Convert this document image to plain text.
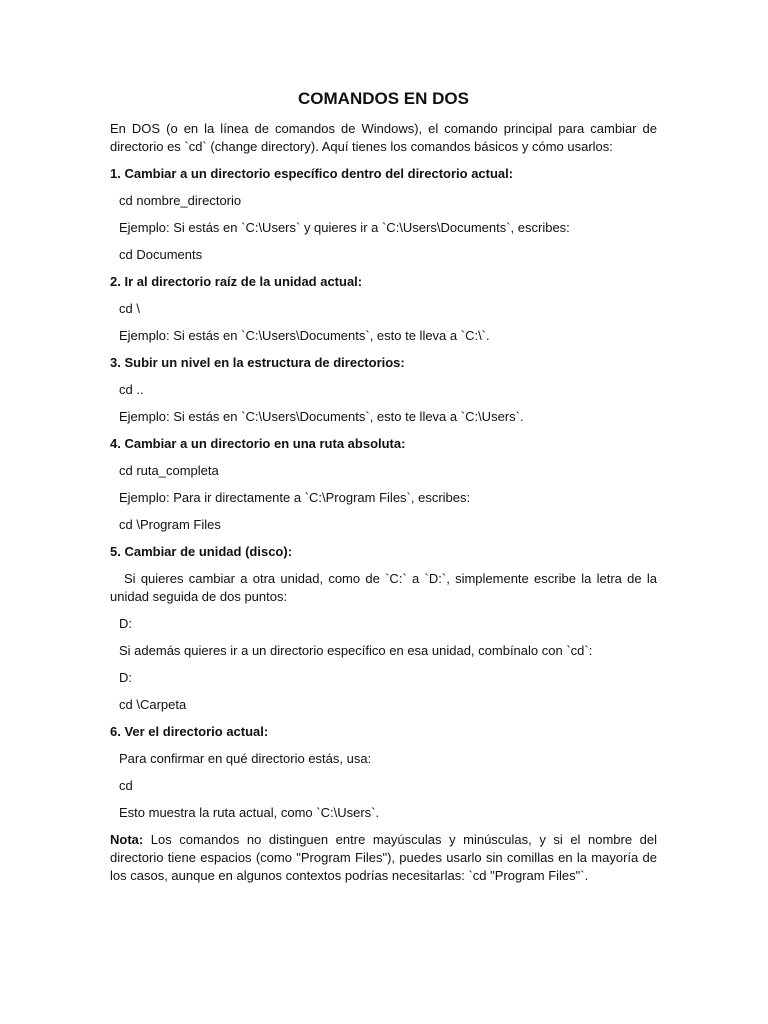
COMANDOS EN DOS
En DOS (o en la línea de comandos de Windows), el comando principal para cambiar de directorio es `cd` (change directory). Aquí tienes los comandos básicos y cómo usarlos:
1. Cambiar a un directorio específico dentro del directorio actual:
cd nombre_directorio
Ejemplo: Si estás en `C:\Users` y quieres ir a `C:\Users\Documents`, escribes:
cd Documents
2. Ir al directorio raíz de la unidad actual:
cd \
Ejemplo: Si estás en `C:\Users\Documents`, esto te lleva a `C:\`.
3. Subir un nivel en la estructura de directorios:
cd ..
Ejemplo: Si estás en `C:\Users\Documents`, esto te lleva a `C:\Users`.
4. Cambiar a un directorio en una ruta absoluta:
cd ruta_completa
Ejemplo: Para ir directamente a `C:\Program Files`, escribes:
cd \Program Files
5. Cambiar de unidad (disco):
Si quieres cambiar a otra unidad, como de `C:` a `D:`, simplemente escribe la letra de la unidad seguida de dos puntos:
D:
Si además quieres ir a un directorio específico en esa unidad, combínalo con `cd`:
D:
cd \Carpeta
6. Ver el directorio actual:
Para confirmar en qué directorio estás, usa:
cd
Esto muestra la ruta actual, como `C:\Users`.
Nota: Los comandos no distinguen entre mayúsculas y minúsculas, y si el nombre del directorio tiene espacios (como "Program Files"), puedes usarlo sin comillas en la mayoría de los casos, aunque en algunos contextos podrías necesitarlas: `cd "Program Files"`.
